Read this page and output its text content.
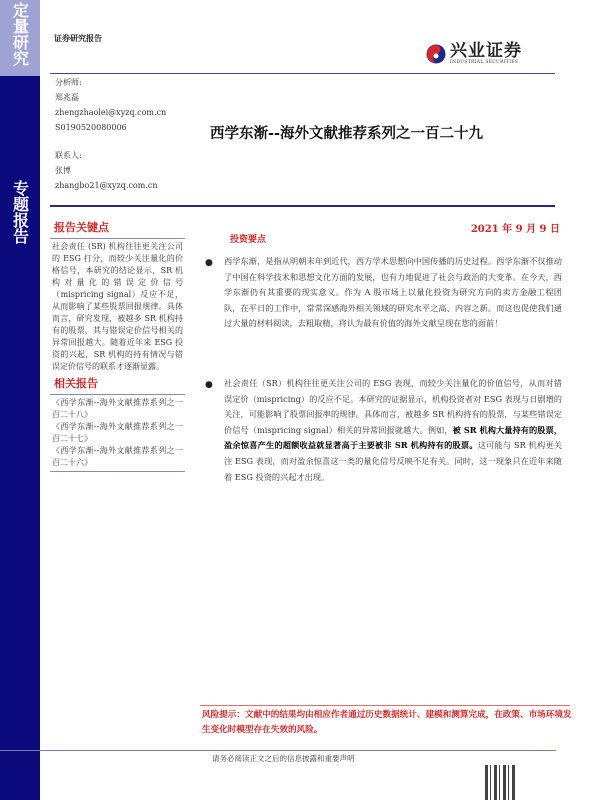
定量研究
专题报告
证券研究报告
兴业证券
INDUSTRIAL SECURITIES
分析师:
郑兆磊
zhengzhaolei@xyzq.com.cn
S0190520080006
联系人:
张博
zhangbo21@xyzq.com.cn
西学东渐--海外文献推荐系列之一百二十九
2021 年 9 月 9 日
报告关键点
社会责任 (SR) 机构往往更关注公司的 ESG 打分，而较少关注量化的价格信号，本研究的结论显示，SR 机构对量化的错误定价信号（mispricing signal）反应不足，从而影响了某些股票回报规律。具体而言，研究发现，被越多 SR 机构持有的股票，其与错误定价信号相关的异常回报越大。随着近年来 ESG 投资的兴起，SR 机构的持有情况与错误定价信号的联系才逐渐显露。
相关报告
《西学东渐--海外文献推荐系列之一百二十八》
《西学东渐--海外文献推荐系列之一百二十七》
《西学东渐--海外文献推荐系列之一百二十六》
投资要点
● 西学东渐，是指从明朝末年到近代，西方学术思想向中国传播的历史过程。西学东渐不仅推动了中国在科学技术和思想文化方面的发展，也有力地促进了社会与政治的大变革。在今天，西学东渐仍有其重要的现实意义。作为 A 股市场上以量化投资为研究方向的卖方金融工程团队，在平日的工作中，常常深感海外相关领域的研究水平之高、内容之新。而这也促使我们通过大量的材料阅读，去粗取精，将认为最有价值的海外文献呈现在您的面前！
● 社会责任（SR）机构往往更关注公司的 ESG 表现，而较少关注量化的价值信号，从而对错误定价（mispricing）的反应不足。本研究的证据显示，机构投资者对 ESG 表现与日剧增的关注，可能影响了股票回报率的规律。具体而言，被越多 SR 机构持有的股票，与某些错误定价信号（mispricing signal）相关的异常回报就越大。例如，被 SR 机构大量持有的股票，盈余惊喜产生的超额收益就显著高于主要被非 SR 机构持有的股票。这可能与 SR 机构更关注 ESG 表现，而对盈余惊喜这一类的量化信号反映不足有关。同时，这一现象只在近年来随着 ESG 投资的兴起才出现。
风险提示：文献中的结果均由相应作者通过历史数据统计、建模和测算完成，在政策、市场环境发生变化时模型存在失效的风险。
请务必阅读正文之后的信息披露和重要声明
